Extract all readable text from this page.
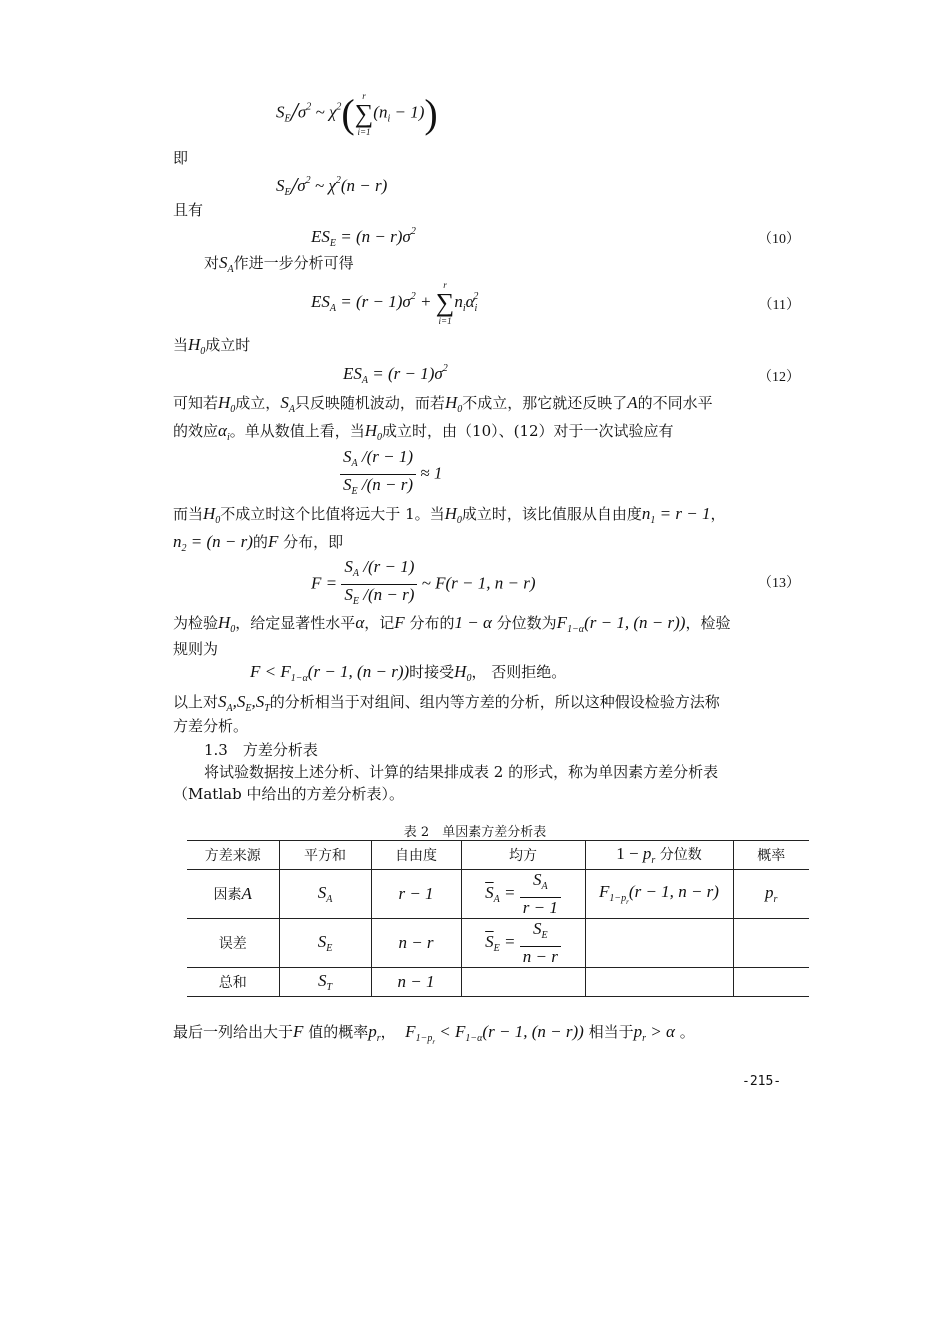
$S_E/\sigma^2$ ~ $\chi^2$( r
∑
i=1
$(n_i - 1)$)
即
$S_E/\sigma^2$ ~ $\chi^2(n - r)$
且有
$ES_E = (n - r)\sigma^2$
（10）
对$S_A$作进一步分析可得
$ES_A = (r - 1)\sigma^2$ +
r
∑
i=1
$n_i\alpha_i^2$
（11）
当$H_0$成立时
$ES_A = (r - 1)\sigma^2$
（12）
可知若$H_0$成立，$S_A$只反映随机波动，而若$H_0$不成立，那它就还反映了A的不同水平
的效应$\alpha_i$。单从数值上看，当$H_0$成立时，由（10）、(12）对于一次试验应有
$\frac{S_A /(r - 1)}{S_E /(n - r)} \approx 1$
而当$H_0$不成立时这个比值将远大于 1。当$H_0$成立时，该比值服从自由度$n_1 = r - 1$，
$n_2 = (n - r)$的F 分布，即
$F = \frac{S_A /(r - 1)}{S_E /(n - r)}$ ~ F(r − 1, n − r)	（13）
为检验$H_0$，给定显著性水平α，记F 分布的1 − α 分位数为$F_{1-\alpha}(r - 1$, (n − r))，检验
规则为
$F < F_{1-\alpha}(r - 1$, (n − r))时接受$H_0$， 否则拒绝。
以上对$S_A,S_E,S_T$的分析相当于对组间、组内等方差的分析，所以这种假设检验方法称
方差分析。
1.3　方差分析表
将试验数据按上述分析、计算的结果排成表 2 的形式，称为单因素方差分析表
（Matlab 中给出的方差分析表）。
表 2　单因素方差分析表
方差来源	平方和	自由度	均方	$1 - p_r$ 分位数	概率
因素A	$S_A$	r − 1	$\overline{S}_A = \frac{S_A}{r - 1}$	$F_{1-p_r}(r - 1$, n − r)	$p_r$
误差	$S_E$	n − r	$\overline{S}_E = \frac{S_E}{n - r}$

总和	$S_T$	n − 1			
最后一列给出大于F 值的概率$p_r$， $F_{1-p_r} < F_{1-\alpha}(r - 1$, (n − r)) 相当于$p_r > \alpha$ 。
-215-
